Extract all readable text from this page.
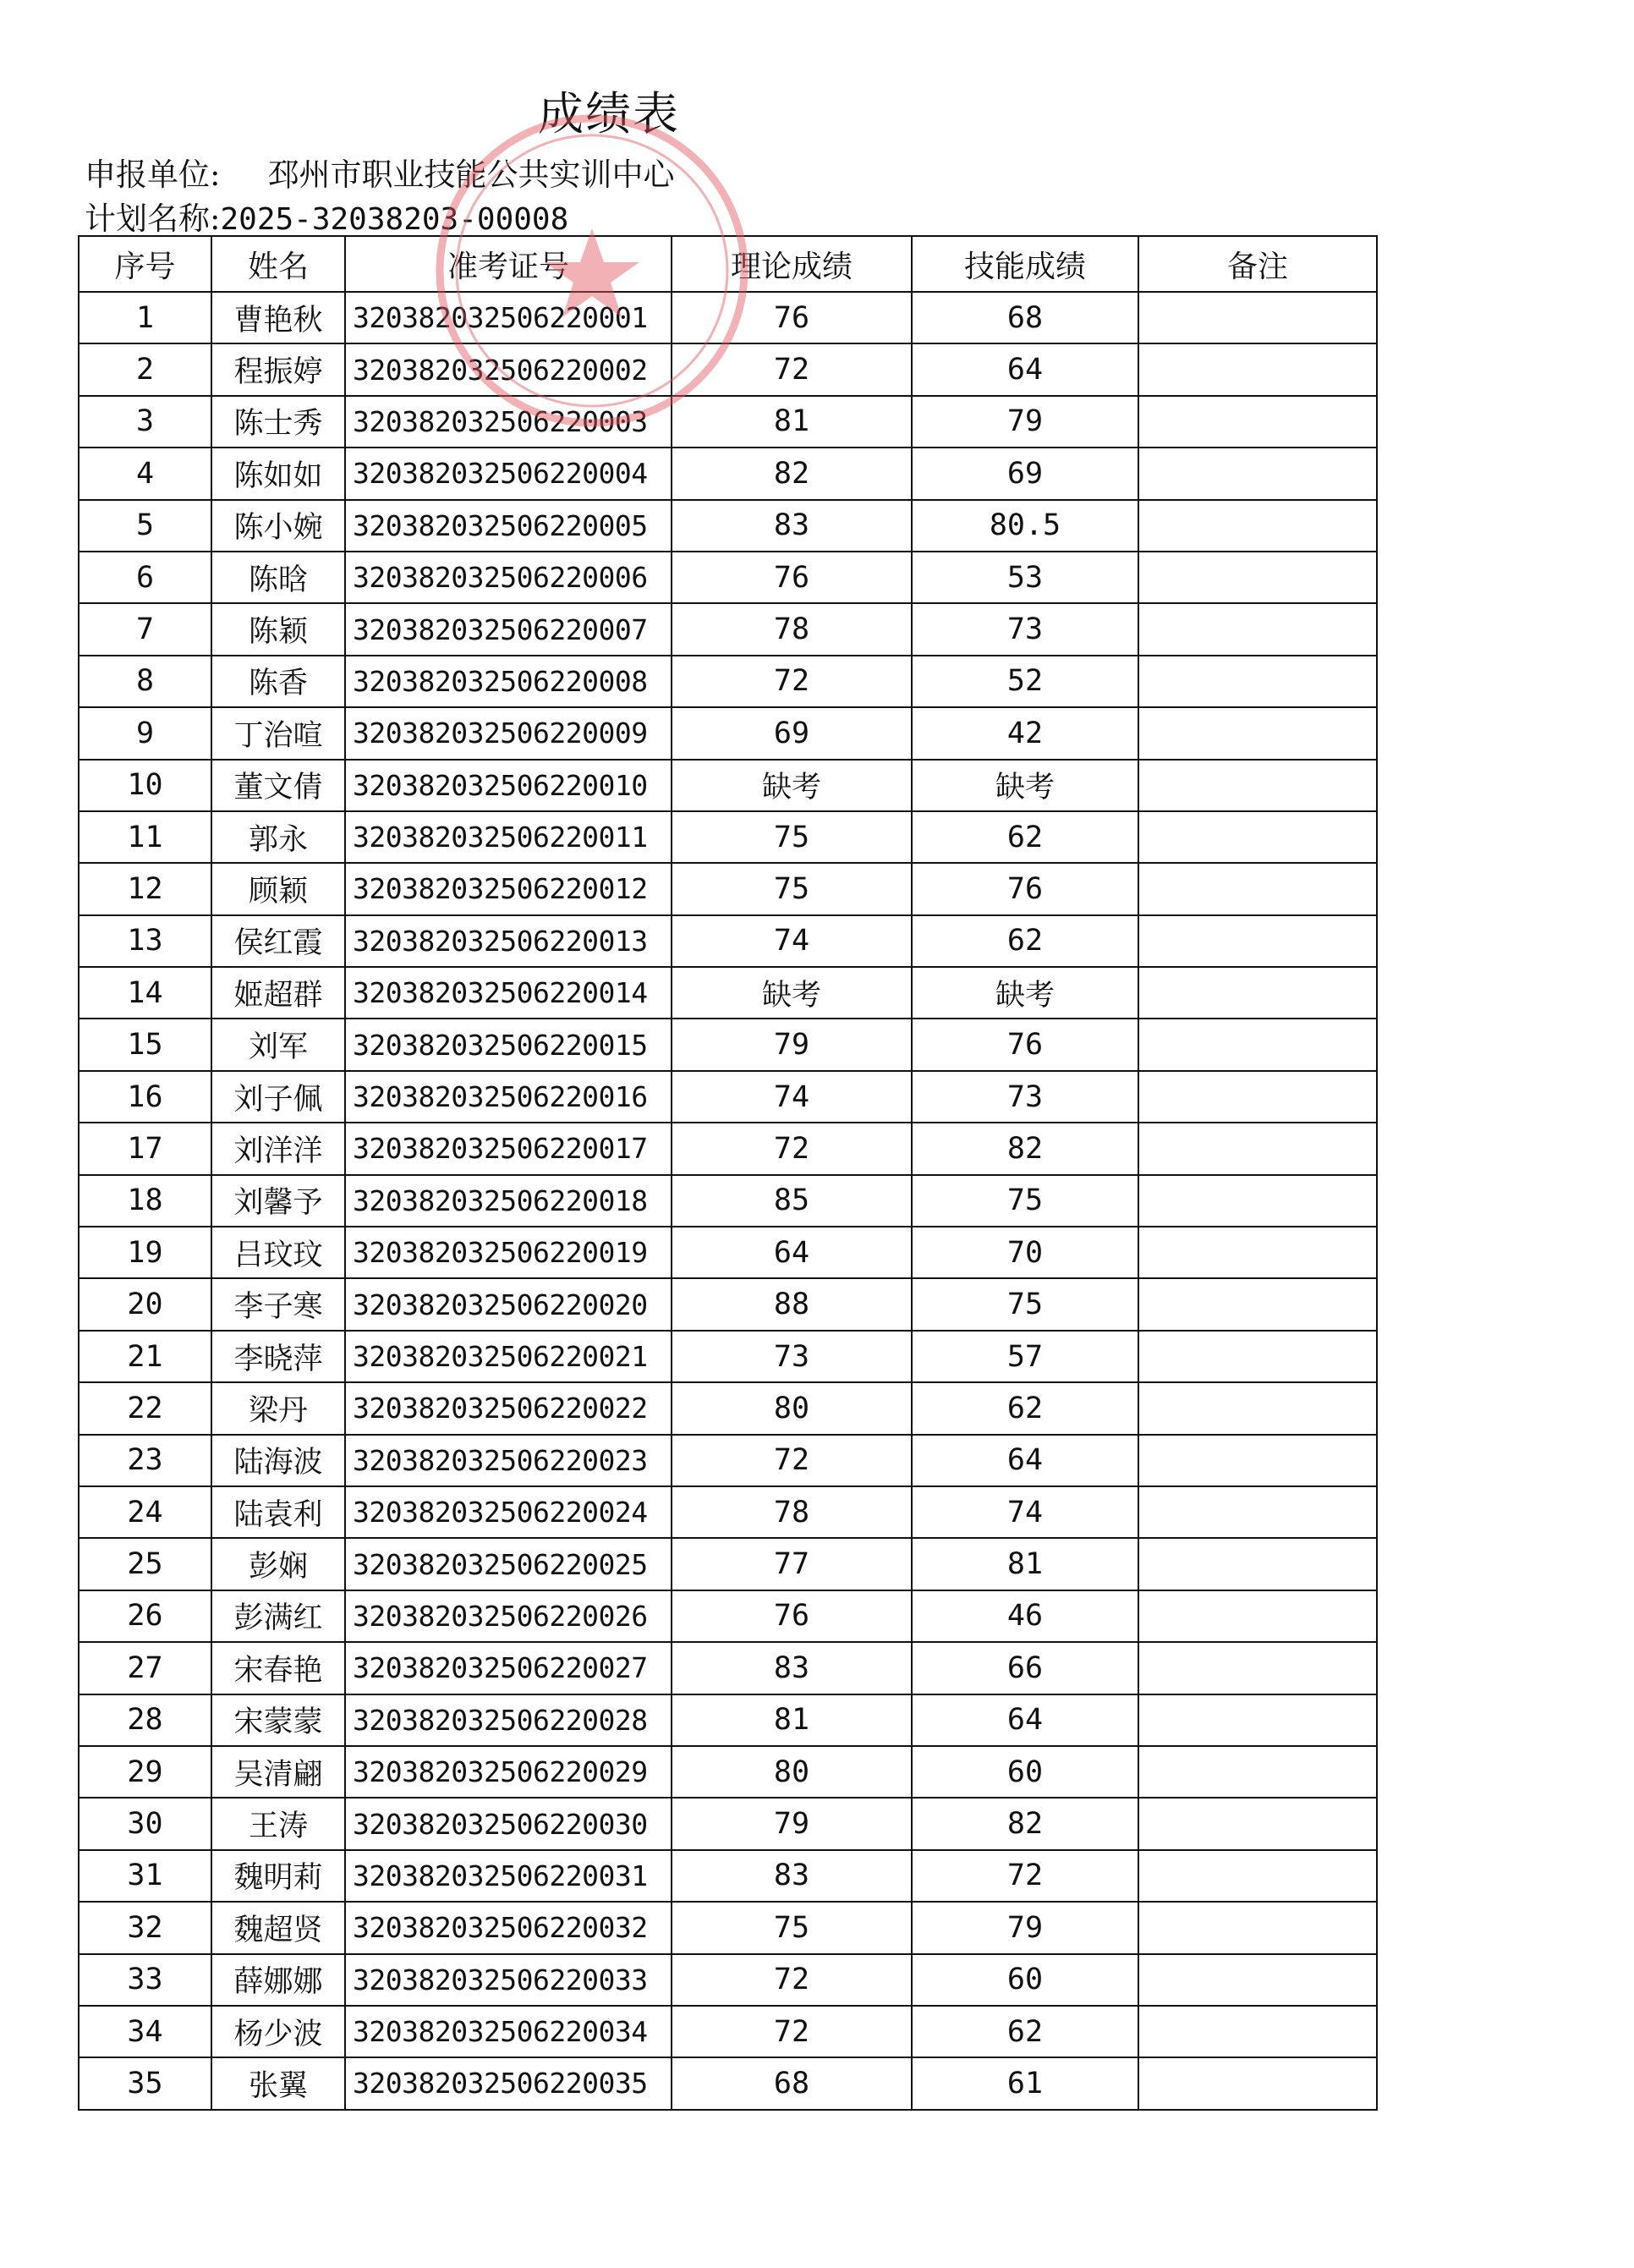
成绩表
申报单位: 邳州市职业技能公共实训中心
计划名称:2025-32038203-00008
序号	姓名	准考证号	理论成绩	技能成绩	备注
1	曹艳秋	320382032506220001	76	68	
2	程振婷	320382032506220002	72	64	
3	陈士秀	320382032506220003	81	79	
4	陈如如	320382032506220004	82	69	
5	陈小婉	320382032506220005	83	80.5	
6	陈晗	320382032506220006	76	53	
7	陈颖	320382032506220007	78	73	
8	陈香	320382032506220008	72	52	
9	丁治喧	320382032506220009	69	42	
10	董文倩	320382032506220010	缺考	缺考	
11	郭永	320382032506220011	75	62	
12	顾颖	320382032506220012	75	76	
13	侯红霞	320382032506220013	74	62	
14	姬超群	320382032506220014	缺考	缺考	
15	刘军	320382032506220015	79	76	
16	刘子佩	320382032506220016	74	73	
17	刘洋洋	320382032506220017	72	82	
18	刘馨予	320382032506220018	85	75	
19	吕玟玟	320382032506220019	64	70	
20	李子寒	320382032506220020	88	75	
21	李晓萍	320382032506220021	73	57	
22	梁丹	320382032506220022	80	62	
23	陆海波	320382032506220023	72	64	
24	陆袁利	320382032506220024	78	74	
25	彭娴	320382032506220025	77	81	
26	彭满红	320382032506220026	76	46	
27	宋春艳	320382032506220027	83	66	
28	宋蒙蒙	320382032506220028	81	64	
29	吴清翩	320382032506220029	80	60	
30	王涛	320382032506220030	79	82	
31	魏明莉	320382032506220031	83	72	
32	魏超贤	320382032506220032	75	79	
33	薛娜娜	320382032506220033	72	60	
34	杨少波	320382032506220034	72	62	
35	张翼	320382032506220035	68	61	
